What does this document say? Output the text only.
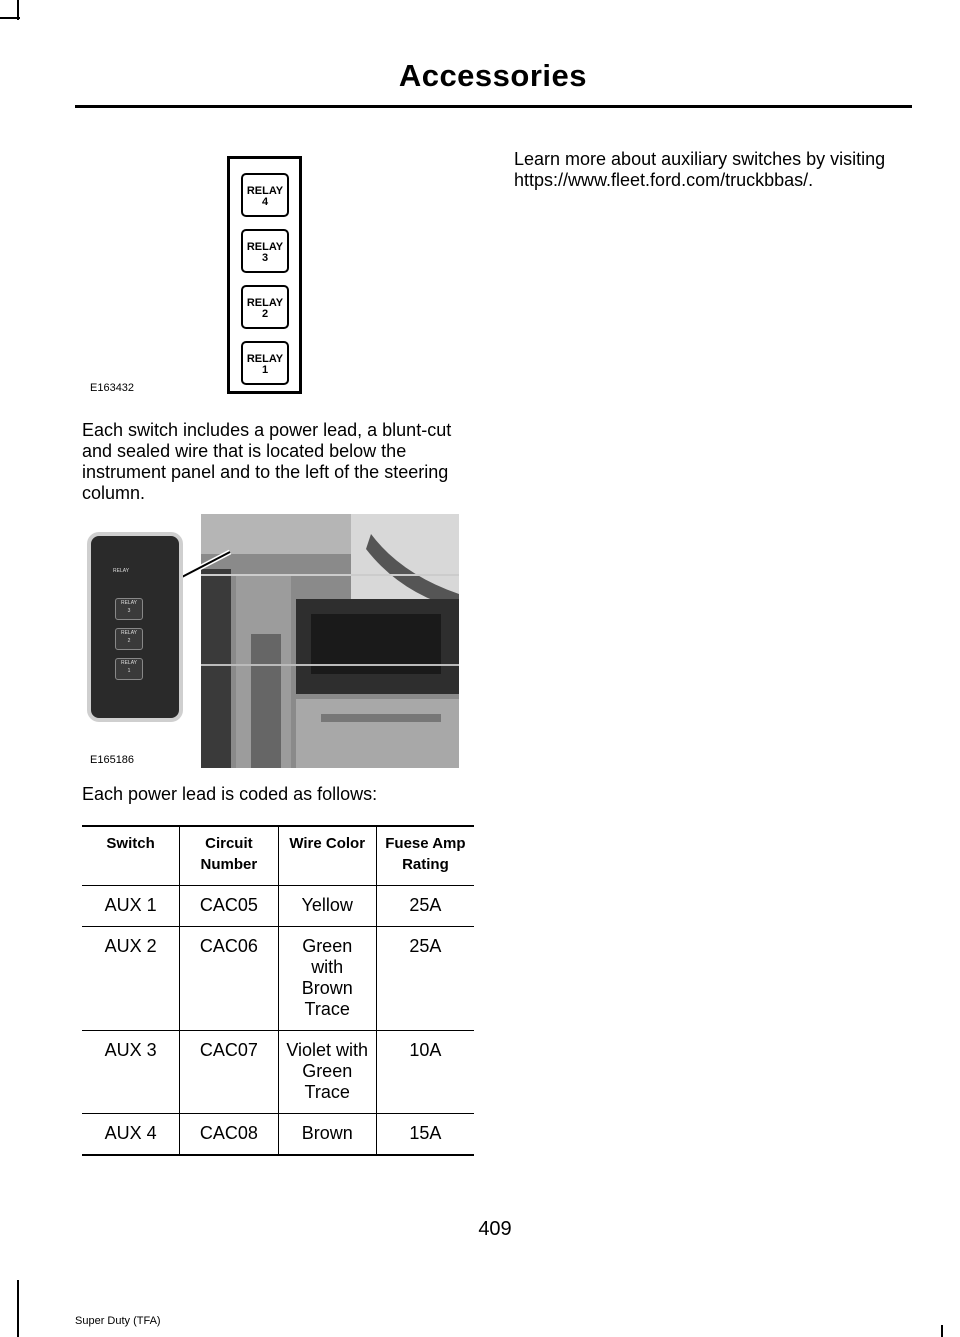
Accessories
RELAY
4
RELAY
3
RELAY
2
RELAY
1
E163432
Each switch includes a power lead, a blunt-cut and sealed wire that is located below the instrument panel and to the left of the steering column.
RELAY
RELAY
3
RELAY
2
RELAY
1
E165186
Each power lead is coded as follows:
Switch	Circuit Number	Wire Color	Fuese Amp Rating
AUX 1	CAC05	Yellow	25A
AUX 2	CAC06	Green with Brown Trace	25A
AUX 3	CAC07	Violet with Green Trace	10A
AUX 4	CAC08	Brown	15A
Learn more about auxiliary switches by visiting https://www.fleet.ford.com/truckbbas/.
409
Super Duty (TFA)
